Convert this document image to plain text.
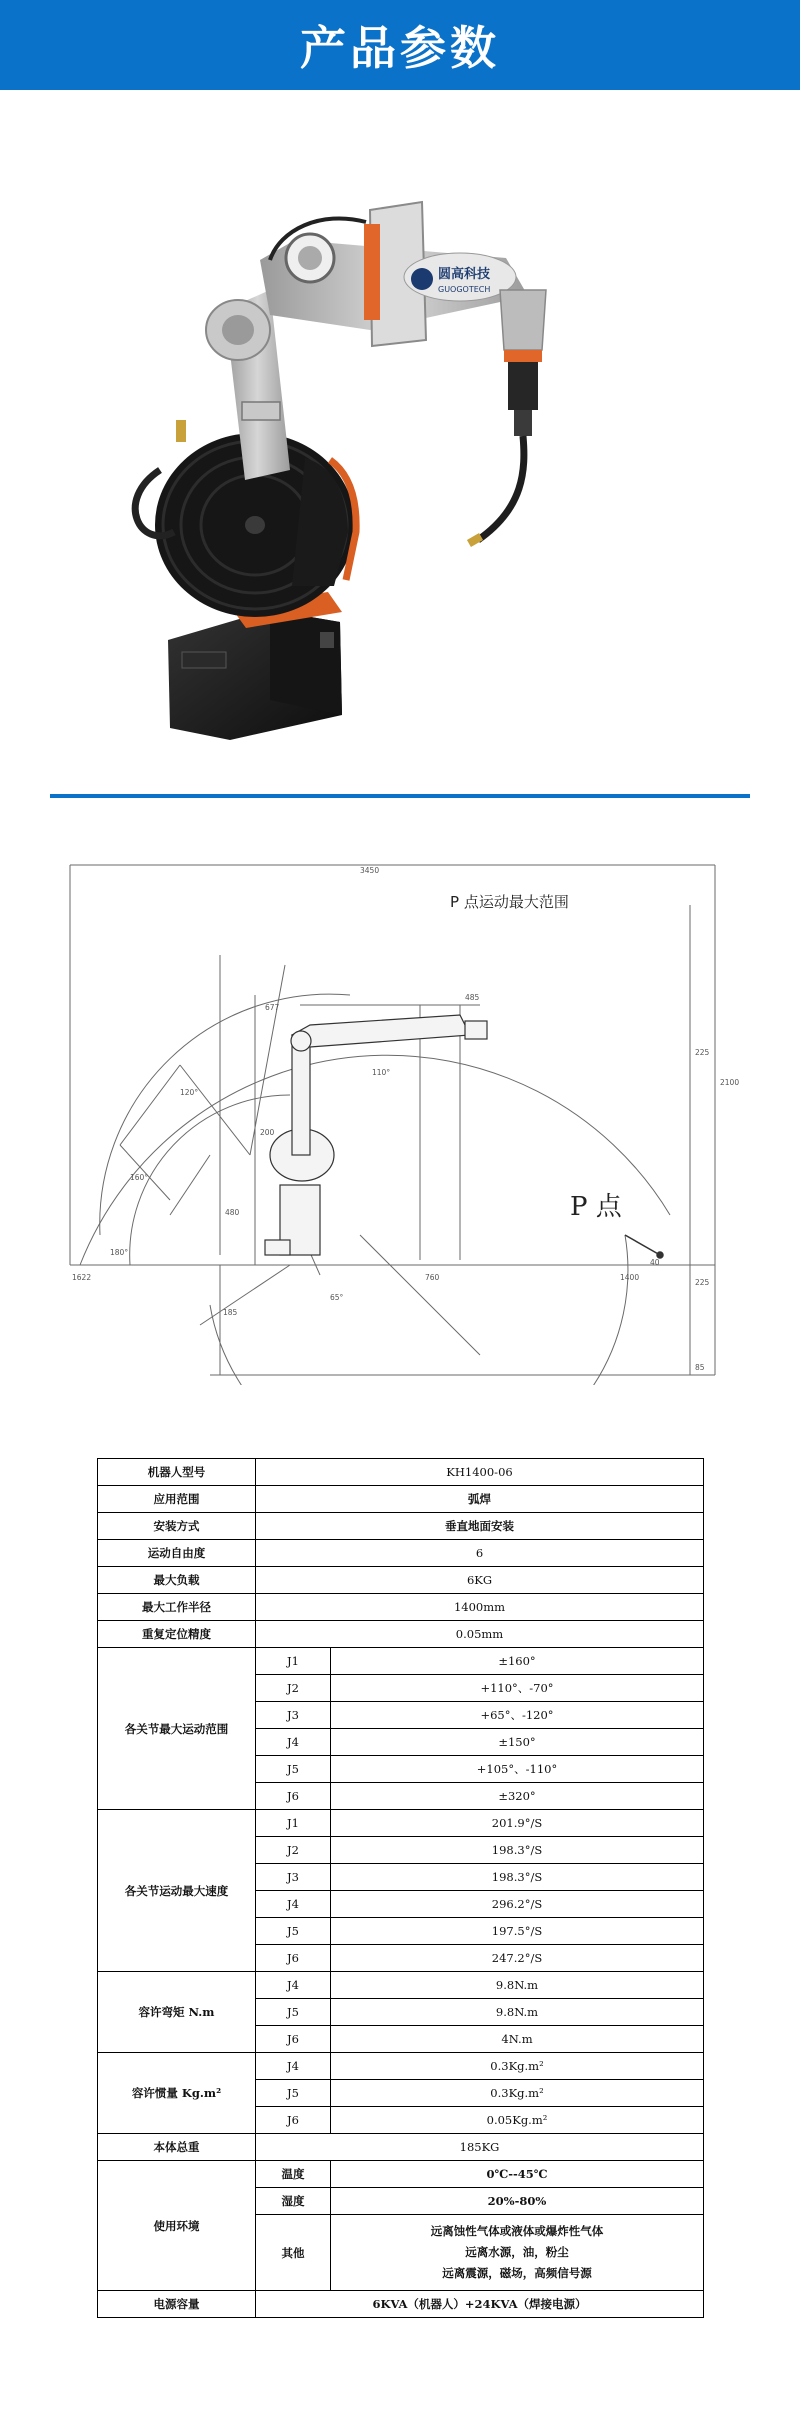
产品参数
圆高科技
GUOGOTECH
P 点运动最大范围
P 点
3450
485
677
2100
225
225
200
480
1622	760	1400
185
110°
120°
65°
160°
180°
40
85
机器人型号	KH1400-06	
应用范围	弧焊	
安装方式	垂直地面安装	
运动自由度	6	
最大负载	6KG	
最大工作半径	1400mm	
重复定位精度	0.05mm	
各关节最大运动范围	J1	±160°
	J2	+110°、-70°
	J3	+65°、-120°
	J4	±150°
	J5	+105°、-110°
	J6	±320°
各关节运动最大速度	J1	201.9°/S
	J2	198.3°/S
	J3	198.3°/S
	J4	296.2°/S
	J5	197.5°/S
	J6	247.2°/S
容许弯矩 N.m	J4	9.8N.m
	J5	9.8N.m
	J6	4N.m
容许惯量 Kg.m²	J4	0.3Kg.m²
	J5	0.3Kg.m²
	J6	0.05Kg.m²
本体总重	185KG	
使用环境	温度	0℃--45℃
	湿度	20%-80%
	其他	远离蚀性气体或液体或爆炸性气体
远离水源，油，粉尘
远离震源，磁场，高频信号源

电源容量	6KVA（机器人）+24KVA（焊接电源）	
